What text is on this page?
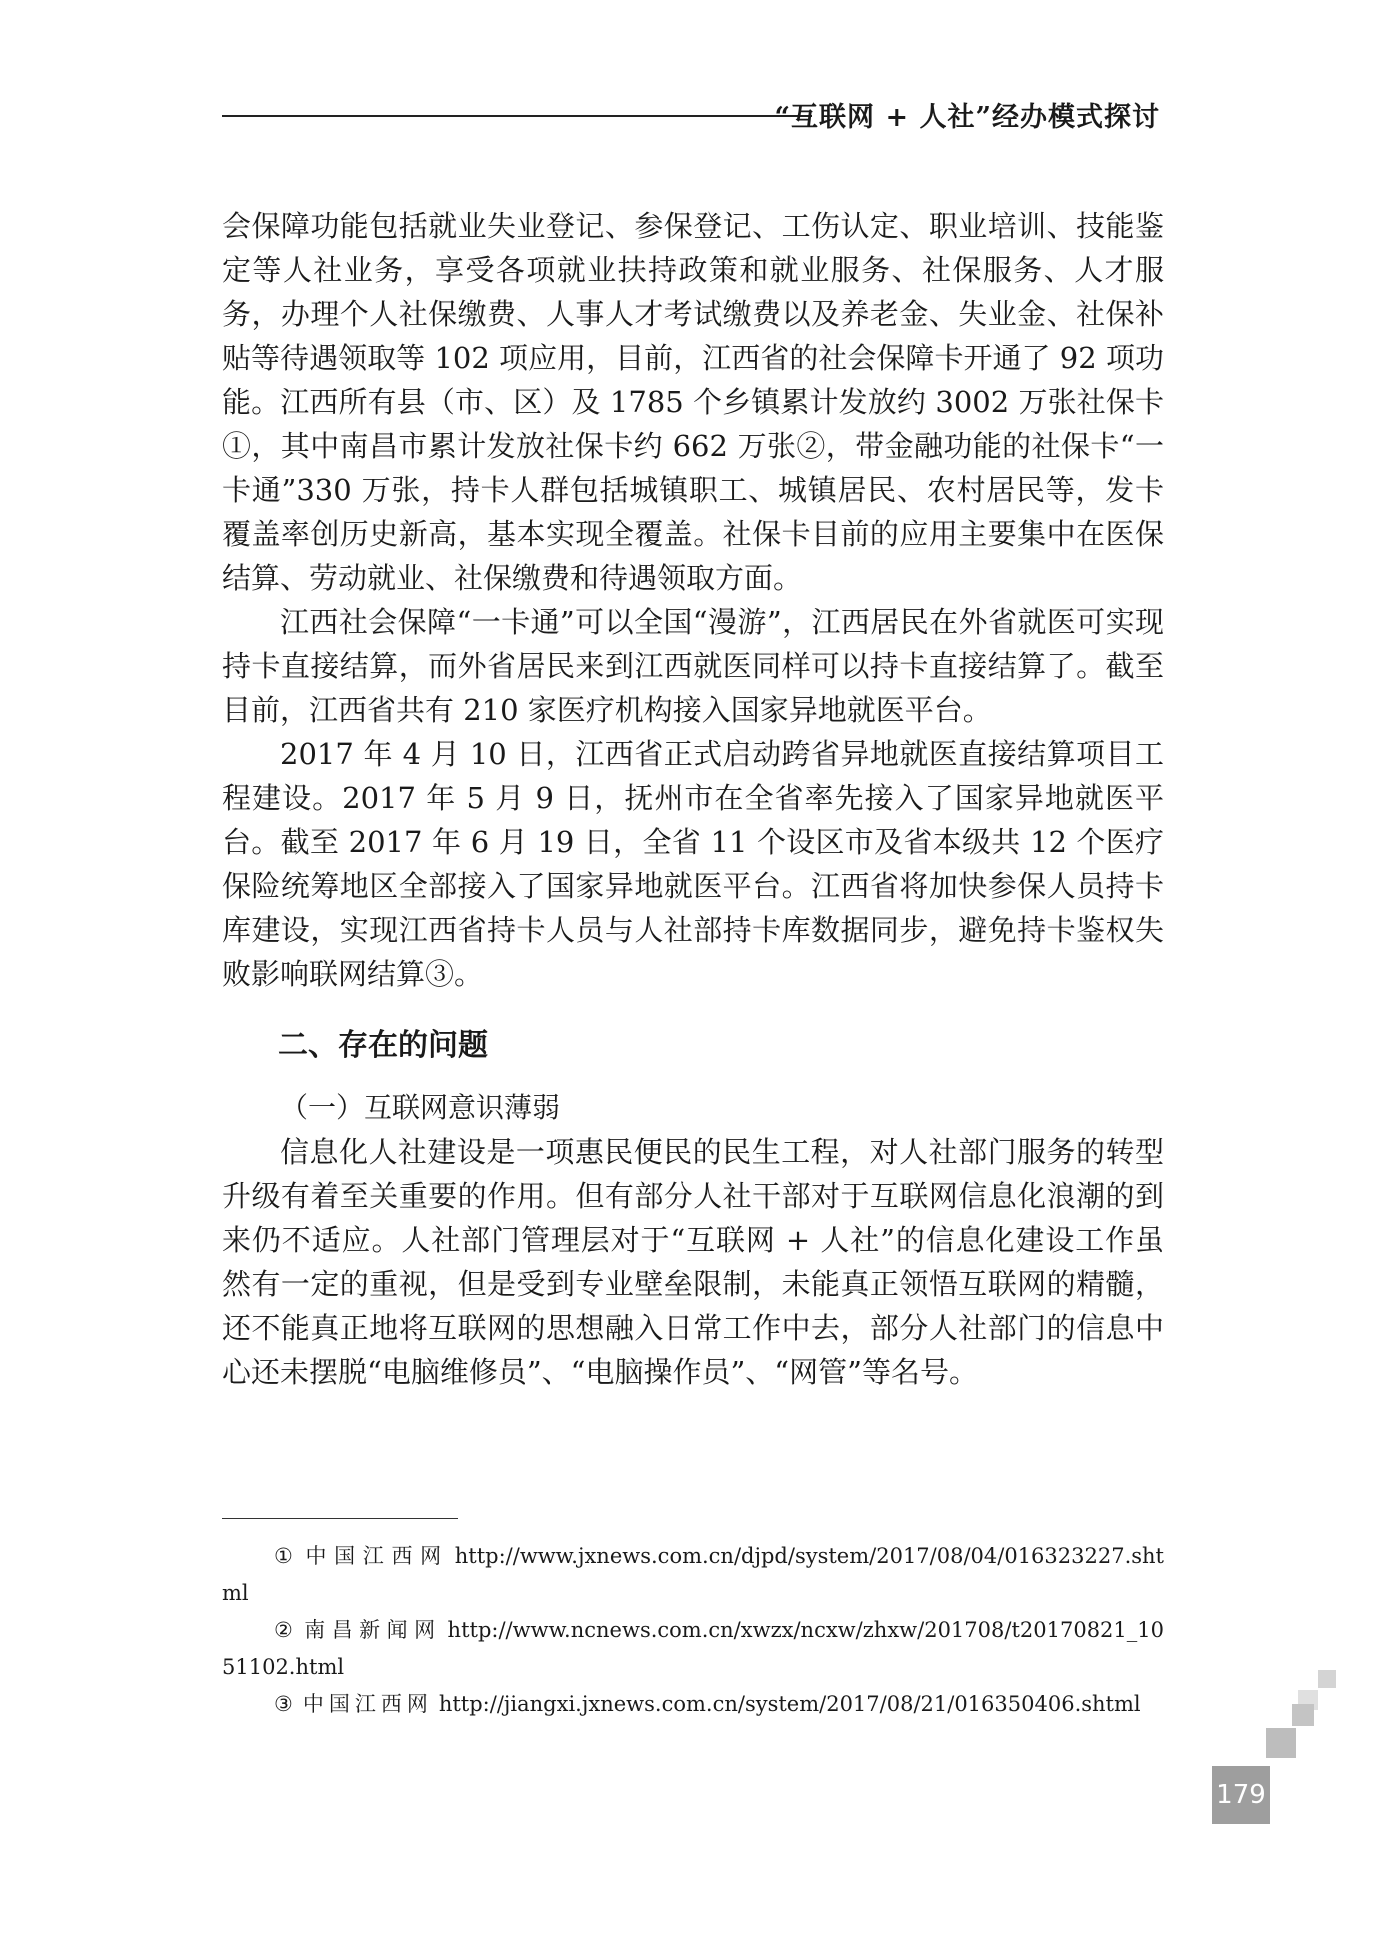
“互联网 + 人社”经办模式探讨

会保障功能包括就业失业登记、参保登记、工伤认定、职业培训、技能鉴定等人社业务，享受各项就业扶持政策和就业服务、社保服务、人才服务，办理个人社保缴费、人事人才考试缴费以及养老金、失业金、社保补贴等待遇领取等 102 项应用，目前，江西省的社会保障卡开通了 92 项功能。江西所有县（市、区）及 1785 个乡镇累计发放约 3002 万张社保卡①，其中南昌市累计发放社保卡约 662 万张②，带金融功能的社保卡“一卡通”330 万张，持卡人群包括城镇职工、城镇居民、农村居民等，发卡覆盖率创历史新高，基本实现全覆盖。社保卡目前的应用主要集中在医保结算、劳动就业、社保缴费和待遇领取方面。

江西社会保障“一卡通”可以全国“漫游”，江西居民在外省就医可实现持卡直接结算，而外省居民来到江西就医同样可以持卡直接结算了。截至目前，江西省共有 210 家医疗机构接入国家异地就医平台。

2017 年 4 月 10 日，江西省正式启动跨省异地就医直接结算项目工程建设。2017 年 5 月 9 日，抚州市在全省率先接入了国家异地就医平台。截至 2017 年 6 月 19 日，全省 11 个设区市及省本级共 12 个医疗保险统筹地区全部接入了国家异地就医平台。江西省将加快参保人员持卡库建设，实现江西省持卡人员与人社部持卡库数据同步，避免持卡鉴权失败影响联网结算③。

二、存在的问题
（一）互联网意识薄弱

信息化人社建设是一项惠民便民的民生工程，对人社部门服务的转型升级有着至关重要的作用。但有部分人社干部对于互联网信息化浪潮的到来仍不适应。人社部门管理层对于“互联网 + 人社”的信息化建设工作虽然有一定的重视，但是受到专业壁垒限制，未能真正领悟互联网的精髓，还不能真正地将互联网的思想融入日常工作中去，部分人社部门的信息中心还未摆脱“电脑维修员”、“电脑操作员”、“网管”等名号。

① 中国江西网 http://www.jxnews.com.cn/djpd/system/2017/08/04/016323227.shtml

② 南昌新闻网 http://www.ncnews.com.cn/xwzx/ncxw/zhxw/201708/t20170821_1051102.html

③ 中国江西网 http://jiangxi.jxnews.com.cn/system/2017/08/21/016350406.shtml

179
